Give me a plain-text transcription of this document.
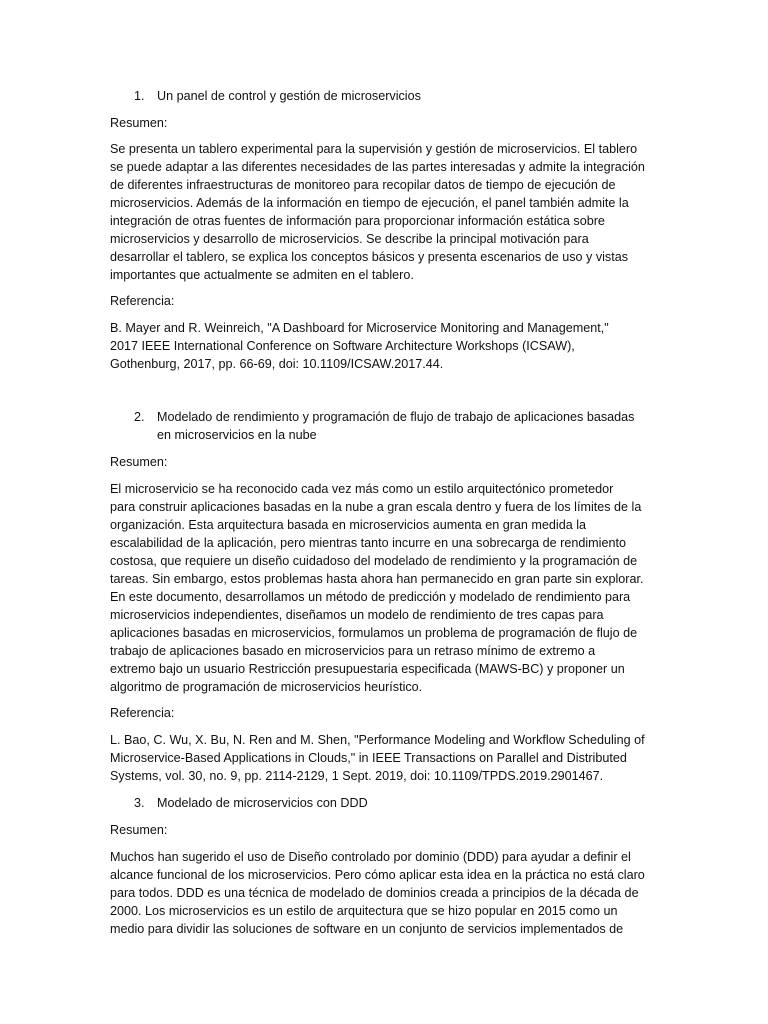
1. Un panel de control y gestión de microservicios
Resumen:
Se presenta un tablero experimental para la supervisión y gestión de microservicios. El tablero
se puede adaptar a las diferentes necesidades de las partes interesadas y admite la integración
de diferentes infraestructuras de monitoreo para recopilar datos de tiempo de ejecución de
microservicios. Además de la información en tiempo de ejecución, el panel también admite la
integración de otras fuentes de información para proporcionar información estática sobre
microservicios y desarrollo de microservicios. Se describe la principal motivación para
desarrollar el tablero, se explica los conceptos básicos y presenta escenarios de uso y vistas
importantes que actualmente se admiten en el tablero.
Referencia:
B. Mayer and R. Weinreich, "A Dashboard for Microservice Monitoring and Management,"
2017 IEEE International Conference on Software Architecture Workshops (ICSAW),
Gothenburg, 2017, pp. 66-69, doi: 10.1109/ICSAW.2017.44.
2. Modelado de rendimiento y programación de flujo de trabajo de aplicaciones basadas
en microservicios en la nube
Resumen:
El microservicio se ha reconocido cada vez más como un estilo arquitectónico prometedor
para construir aplicaciones basadas en la nube a gran escala dentro y fuera de los límites de la
organización. Esta arquitectura basada en microservicios aumenta en gran medida la
escalabilidad de la aplicación, pero mientras tanto incurre en una sobrecarga de rendimiento
costosa, que requiere un diseño cuidadoso del modelado de rendimiento y la programación de
tareas. Sin embargo, estos problemas hasta ahora han permanecido en gran parte sin explorar.
En este documento, desarrollamos un método de predicción y modelado de rendimiento para
microservicios independientes, diseñamos un modelo de rendimiento de tres capas para
aplicaciones basadas en microservicios, formulamos un problema de programación de flujo de
trabajo de aplicaciones basado en microservicios para un retraso mínimo de extremo a
extremo bajo un usuario Restricción presupuestaria especificada (MAWS-BC) y proponer un
algoritmo de programación de microservicios heurístico.
Referencia:
L. Bao, C. Wu, X. Bu, N. Ren and M. Shen, "Performance Modeling and Workflow Scheduling of
Microservice-Based Applications in Clouds," in IEEE Transactions on Parallel and Distributed
Systems, vol. 30, no. 9, pp. 2114-2129, 1 Sept. 2019, doi: 10.1109/TPDS.2019.2901467.
3. Modelado de microservicios con DDD
Resumen:
Muchos han sugerido el uso de Diseño controlado por dominio (DDD) para ayudar a definir el
alcance funcional de los microservicios. Pero cómo aplicar esta idea en la práctica no está claro
para todos. DDD es una técnica de modelado de dominios creada a principios de la década de
2000. Los microservicios es un estilo de arquitectura que se hizo popular en 2015 como un
medio para dividir las soluciones de software en un conjunto de servicios implementados de
